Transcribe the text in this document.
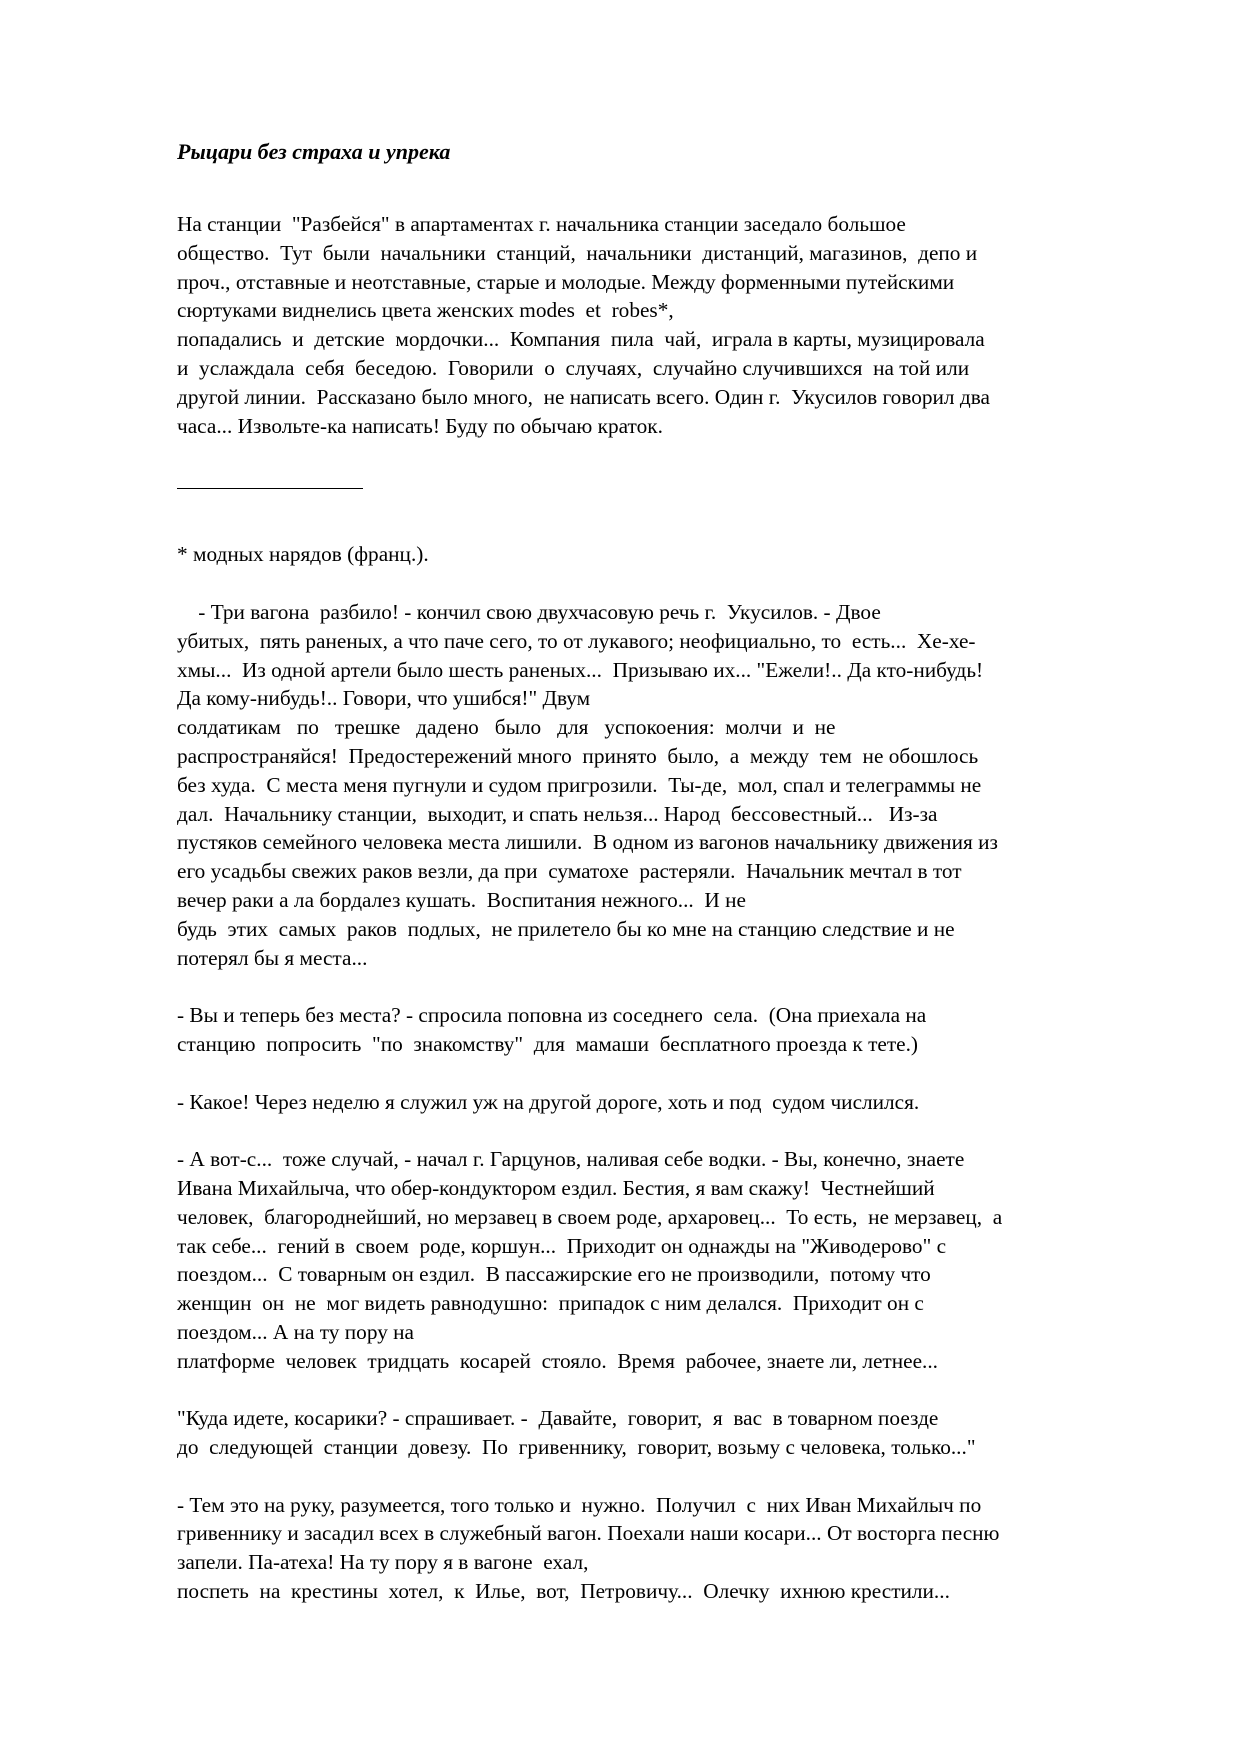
Рыцари без страха и упрека
На станции  "Разбейся" в апартаментах г. начальника станции заседало большое
общество.  Тут  были  начальники  станций,  начальники  дистанций, магазинов,  депо и
проч., отставные и неотставные, старые и молодые. Между форменными путейскими
сюртуками виднелись цвета женских modes  et  robes*,
попадались  и  детские  мордочки...  Компания  пила  чай,  играла в карты, музицировала
и  услаждала  себя  беседою.  Говорили  о  случаях,  случайно случившихся  на той или
другой линии.  Рассказано было много,  не написать всего. Один г.  Укусилов говорил два
часа... Извольте-ка написать! Буду по обычаю краток.
* модных нарядов (франц.).
- Три вагона  разбило! - кончил свою двухчасовую речь г.  Укусилов. - Двое
убитых,  пять раненых, а что паче сего, то от лукавого; неофициально, то  есть...  Хе-хе-
хмы...  Из одной артели было шесть раненых...  Призываю их... "Ежели!.. Да кто-нибудь!
Да кому-нибудь!.. Говори, что ушибся!" Двум
солдатикам   по   трешке   дадено   было   для   успокоения:  молчи  и  не
распространяйся!  Предостережений много  принято  было,  а  между  тем  не обошлось
без худа.  С места меня пугнули и судом пригрозили.  Ты-де,  мол, спал и телеграммы не
дал.  Начальнику станции,  выходит, и спать нельзя... Народ  бессовестный...   Из-за
пустяков семейного человека места лишили.  В одном из вагонов начальнику движения из
его усадьбы свежих раков везли, да при  суматохе  растеряли.  Начальник мечтал в тот
вечер раки а ла бордалез кушать.  Воспитания нежного...  И не
будь  этих  самых  раков  подлых,  не прилетело бы ко мне на станцию следствие и не
потерял бы я места...
- Вы и теперь без места? - спросила поповна из соседнего  села.  (Она приехала на
станцию  попросить  "по  знакомству"  для  мамаши  бесплатного проезда к тете.)
- Какое! Через неделю я служил уж на другой дороге, хоть и под  судом числился.
- А вот-с...  тоже случай, - начал г. Гарцунов, наливая себе водки. - Вы, конечно, знаете
Ивана Михайлыча, что обер-кондуктором ездил. Бестия, я вам скажу!  Честнейший
человек,  благороднейший, но мерзавец в своем роде, архаровец...  То есть,  не мерзавец,  а
так себе...  гений в  своем  роде, коршун...  Приходит он однажды на "Живодерово" с
поездом...  С товарным он ездил.  В пассажирские его не производили,  потому что
женщин  он  не  мог видеть равнодушно:  припадок с ним делался.  Приходит он с
поездом... А на ту пору на
платформе  человек  тридцать  косарей  стояло.  Время  рабочее, знаете ли, летнее...
"Куда идете, косарики? - спрашивает. -  Давайте,  говорит,  я  вас  в товарном поезде
до  следующей  станции  довезу.  По  гривеннику,  говорит, возьму с человека, только..."
- Тем это на руку, разумеется, того только и  нужно.  Получил  с  них Иван Михайлыч по
гривеннику и засадил всех в служебный вагон. Поехали наши косари... От восторга песню
запели. Па-атеха! На ту пору я в вагоне  ехал,
поспеть  на  крестины  хотел,  к  Илье,  вот,  Петровичу...  Олечку  ихнюю крестили...
